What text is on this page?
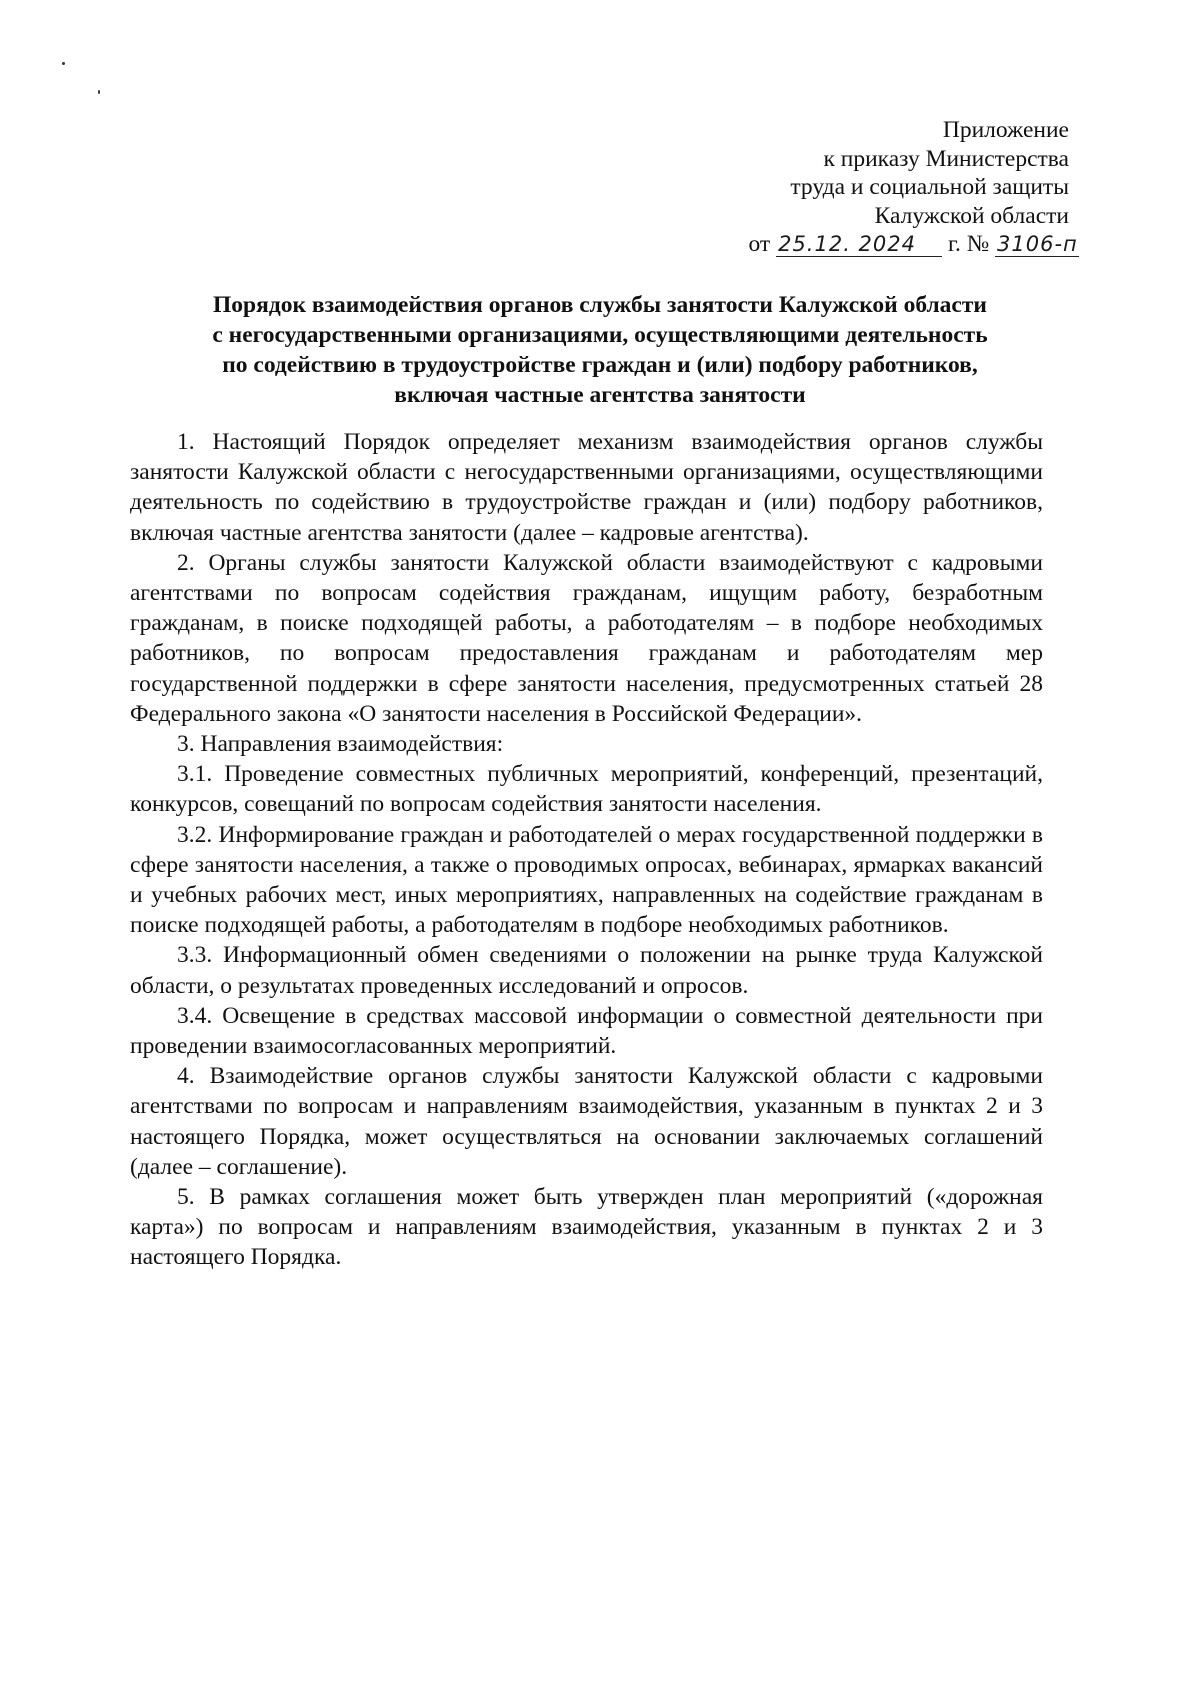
Приложение
к приказу Министерства
труда и социальной защиты
Калужской области
от 25.12. 2024 г. № 3106-п
Порядок взаимодействия органов службы занятости Калужской области
с негосударственными организациями, осуществляющими деятельность
по содействию в трудоустройстве граждан и (или) подбору работников,
включая частные агентства занятости

1. Настоящий Порядок определяет механизм взаимодействия органов службы занятости Калужской области с негосударственными организациями, осуществляющими деятельность по содействию в трудоустройстве граждан и (или) подбору работников, включая частные агентства занятости (далее – кадровые агентства).

2. Органы службы занятости Калужской области взаимодействуют с кадровыми агентствами по вопросам содействия гражданам, ищущим работу, безработным гражданам, в поиске подходящей работы, а работодателям – в подборе необходимых работников, по вопросам предоставления гражданам и работодателям мер государственной поддержки в сфере занятости населения, предусмотренных статьей 28 Федерального закона «О занятости населения в Российской Федерации».

3. Направления взаимодействия:

3.1. Проведение совместных публичных мероприятий, конференций, презентаций, конкурсов, совещаний по вопросам содействия занятости населения.

3.2. Информирование граждан и работодателей о мерах государственной поддержки в сфере занятости населения, а также о проводимых опросах, вебинарах, ярмарках вакансий и учебных рабочих мест, иных мероприятиях, направленных на содействие гражданам в поиске подходящей работы, а работодателям в подборе необходимых работников.

3.3. Информационный обмен сведениями о положении на рынке труда Калужской области, о результатах проведенных исследований и опросов.

3.4. Освещение в средствах массовой информации о совместной деятельности при проведении взаимосогласованных мероприятий.

4. Взаимодействие органов службы занятости Калужской области с кадровыми агентствами по вопросам и направлениям взаимодействия, указанным в пунктах 2 и 3 настоящего Порядка, может осуществляться на основании заключаемых соглашений (далее – соглашение).

5. В рамках соглашения может быть утвержден план мероприятий («дорожная карта») по вопросам и направлениям взаимодействия, указанным в пунктах 2 и 3 настоящего Порядка.
